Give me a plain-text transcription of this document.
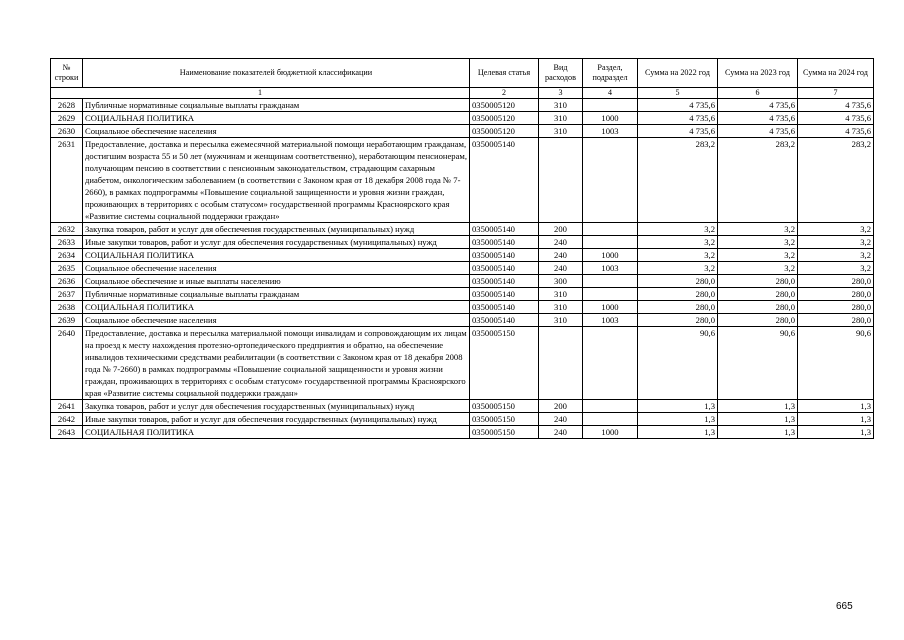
№ строки	Наименование показателей бюджетной классификации	Целевая статья	Вид расходов	Раздел, подраздел	Сумма на 2022 год	Сумма на 2023 год	Сумма на 2024 год
1		2	3	4	5	6	7
2628	Публичные нормативные социальные выплаты гражданам	0350005120	310		4 735,6	4 735,6	4 735,6
2629	СОЦИАЛЬНАЯ ПОЛИТИКА	0350005120	310	1000	4 735,6	4 735,6	4 735,6
2630	Социальное обеспечение населения	0350005120	310	1003	4 735,6	4 735,6	4 735,6
2631	Предоставление, доставка и пересылка ежемесячной материальной помощи неработающим гражданам, достигшим возраста 55 и 50 лет (мужчинам и женщинам соответственно), неработающим пенсионерам, получающим пенсию в соответствии с пенсионным законодательством, страдающим сахарным диабетом, онкологическим заболеванием (в соответствии с Законом края от 18 декабря 2008 года № 7-2660), в рамках подпрограммы «Повышение социальной защищенности и уровня жизни граждан, проживающих в территориях с особым статусом» государственной программы Красноярского края «Развитие системы социальной поддержки граждан»	0350005140			283,2	283,2	283,2
2632	Закупка товаров, работ и услуг для обеспечения государственных (муниципальных) нужд	0350005140	200		3,2	3,2	3,2
2633	Иные закупки товаров, работ и услуг для обеспечения государственных (муниципальных) нужд	0350005140	240		3,2	3,2	3,2
2634	СОЦИАЛЬНАЯ ПОЛИТИКА	0350005140	240	1000	3,2	3,2	3,2
2635	Социальное обеспечение населения	0350005140	240	1003	3,2	3,2	3,2
2636	Социальное обеспечение и иные выплаты населению	0350005140	300		280,0	280,0	280,0
2637	Публичные нормативные социальные выплаты гражданам	0350005140	310		280,0	280,0	280,0
2638	СОЦИАЛЬНАЯ ПОЛИТИКА	0350005140	310	1000	280,0	280,0	280,0
2639	Социальное обеспечение населения	0350005140	310	1003	280,0	280,0	280,0
2640	Предоставление, доставка и пересылка материальной помощи инвалидам и сопровождающим их лицам на проезд к месту нахождения протезно-ортопедического предприятия и обратно, на обеспечение инвалидов техническими средствами реабилитации (в соответствии с Законом края от 18 декабря 2008 года № 7-2660) в рамках подпрограммы «Повышение социальной защищенности и уровня жизни граждан, проживающих в территориях с особым статусом» государственной программы Красноярского края «Развитие системы социальной поддержки граждан»	0350005150			90,6	90,6	90,6
2641	Закупка товаров, работ и услуг для обеспечения государственных (муниципальных) нужд	0350005150	200		1,3	1,3	1,3
2642	Иные закупки товаров, работ и услуг для обеспечения государственных (муниципальных) нужд	0350005150	240		1,3	1,3	1,3
2643	СОЦИАЛЬНАЯ ПОЛИТИКА	0350005150	240	1000	1,3	1,3	1,3
665
